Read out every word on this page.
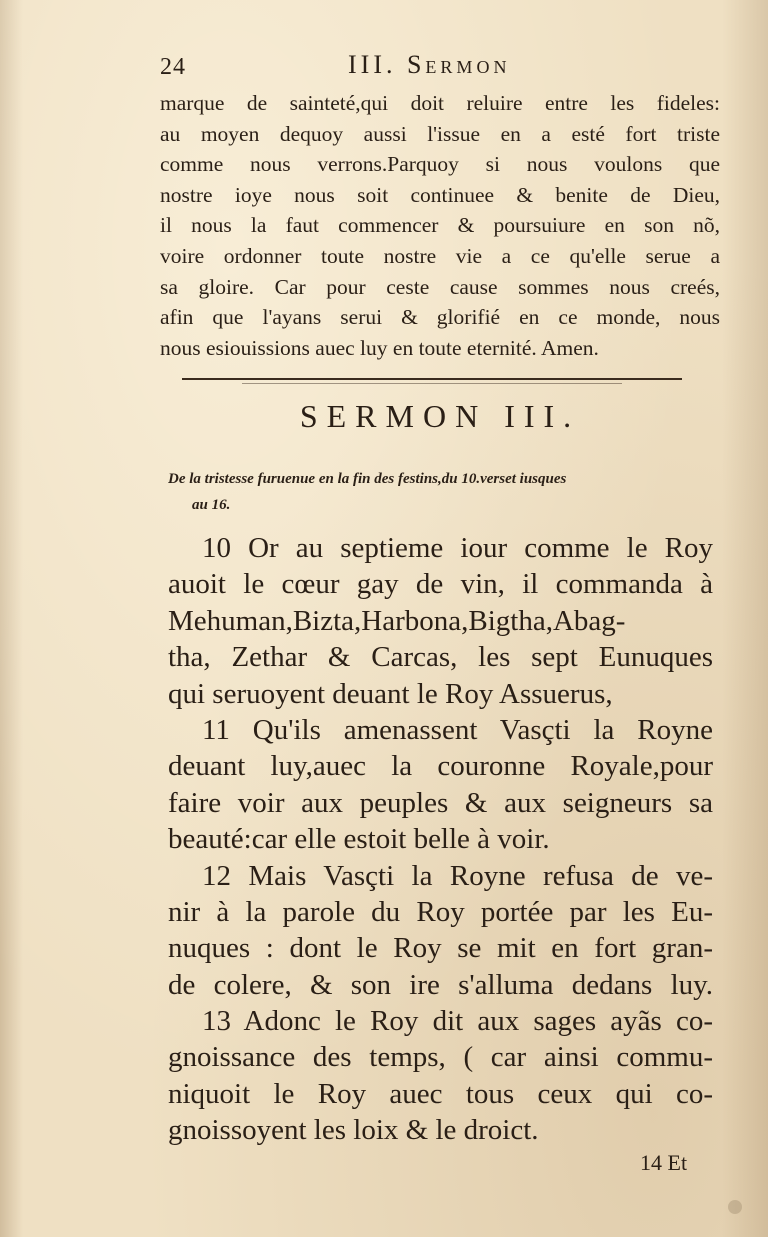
24	III. Sermon
marque de sainteté,qui doit reluire entre les fideles:
au moyen dequoy aussi l'issue en a esté fort triste
comme nous verrons.Parquoy si nous voulons que
nostre ioye nous soit continuee & benite de Dieu,
il nous la faut commencer & poursuiure en son nõ,
voire ordonner toute nostre vie a ce qu'elle serue a
sa gloire. Car pour ceste cause sommes nous creés,
afin que l'ayans serui & glorifié en ce monde, nous
nous esiouissions auec luy en toute eternité. Amen.
SERMON III.
De la tristesse furuenue en la fin des festins,du 10.verset iusques
au 16.
10 Or au septieme iour comme le Roy
auoit le cœur gay de vin, il commanda à
Mehuman,Bizta,Harbona,Bigtha,Abag-
tha, Zethar & Carcas, les sept Eunuques
qui seruoyent deuant le Roy Assuerus,
11 Qu'ils amenassent Vasçti la Royne
deuant luy,auec la couronne Royale,pour
faire voir aux peuples & aux seigneurs sa
beauté:car elle estoit belle à voir.
12 Mais Vasçti la Royne refusa de ve-
nir à la parole du Roy portée par les Eu-
nuques : dont le Roy se mit en fort gran-
de colere, & son ire s'alluma dedans luy.
13 Adonc le Roy dit aux sages ayãs co-
gnoissance des temps, ( car ainsi commu-
niquoit le Roy auec tous ceux qui co-
gnoissoyent les loix & le droict.
14 Et
